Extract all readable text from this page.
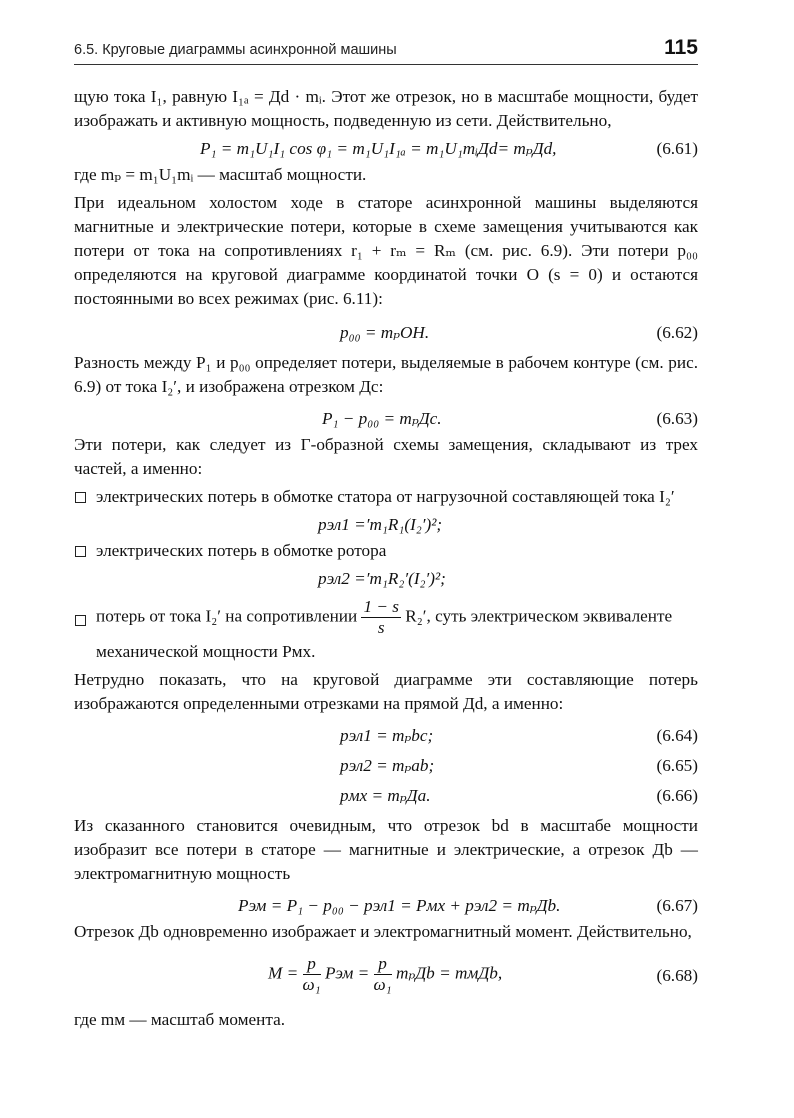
6.5. Круговые диаграммы асинхронной машины	115

щую тока I₁, равную I₁ₐ = Дd · mᵢ. Этот же отрезок, но в масштабе мощности, будет изображать и активную мощность, подведенную из сети. Действительно,

P₁ = m₁U₁I₁ cos φ₁ = m₁U₁I₁ₐ = m₁U₁mᵢДd= mₚДd,	(6.61)

где mₚ = m₁U₁mᵢ — масштаб мощности.

При идеальном холостом ходе в статоре асинхронной машины выделяются магнитные и электрические потери, которые в схеме замещения учитываются как потери от тока на сопротивлениях r₁ + rₘ = Rₘ (см. рис. 6.9). Эти потери p₀₀ определяются на круговой диаграмме координатой точки О (s = 0) и остаются постоянными во всех режимах (рис. 6.11):

p₀₀ = mₚОН.	(6.62)

Разность между P₁ и p₀₀ определяет потери, выделяемые в рабочем контуре (см. рис. 6.9) от тока I₂′, и изображена отрезком Дс:

P₁ − p₀₀ = mₚДс.	(6.63)

Эти потери, как следует из Г-образной схемы замещения, складывают из трех частей, а именно:

электрических потерь в обмотке статора от нагрузочной составляющей тока I₂′
pэл1 =′m₁R₁(I₂′)²;
электрических потерь в обмотке ротора
pэл2 =′m₁R₂′(I₂′)²;
потерь от тока I₂′ на сопротивлении $\frac{1 - s}{s} R_2'$, суть электрическом эквиваленте
механической мощности Pмх.

Нетрудно показать, что на круговой диаграмме эти составляющие потерь изображаются определенными отрезками на прямой Дd, а именно:

pэл1 = mₚbc;	(6.64)
pэл2 = mₚab;	(6.65)
pмх = mₚДa.	(6.66)

Из сказанного становится очевидным, что отрезок bd в масштабе мощности изобразит все потери в статоре — магнитные и электрические, а отрезок Дb — электромагнитную мощность

Pэм = P₁ − p₀₀ − pэл1 = Pмх + pэл2 = mₚДb.	(6.67)

Отрезок Дb одновременно изображает и электромагнитный момент. Действительно,

$M = \frac{p}{\text{ω₁}}$ Pэм = $\frac{p}{\text{ω₁}}$ mₚДb = mмДb,	(6.68)

где mм — масштаб момента.
